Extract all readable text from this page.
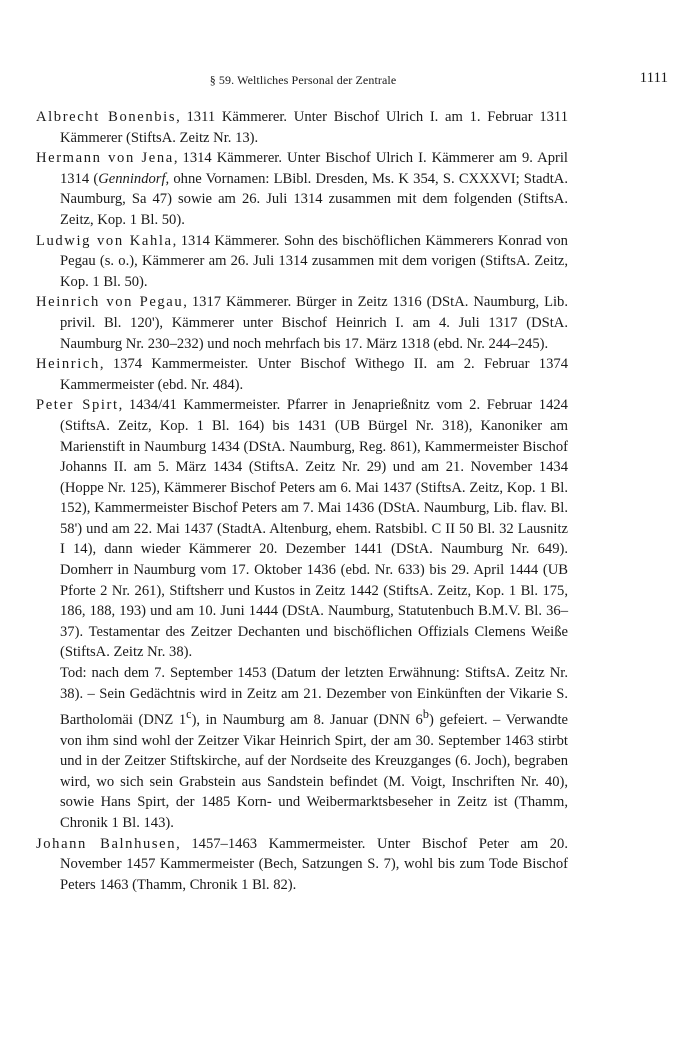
§ 59. Weltliches Personal der Zentrale	1111

Albrecht Bonenbis, 1311 Kämmerer. Unter Bischof Ulrich I. am 1. Februar 1311 Kämmerer (StiftsA. Zeitz Nr. 13).

Hermann von Jena, 1314 Kämmerer. Unter Bischof Ulrich I. Kämmerer am 9. April 1314 (Gennindorf, ohne Vornamen: LBibl. Dresden, Ms. K 354, S. CXXXVI; StadtA. Naumburg, Sa 47) sowie am 26. Juli 1314 zusammen mit dem folgenden (StiftsA. Zeitz, Kop. 1 Bl. 50).

Ludwig von Kahla, 1314 Kämmerer. Sohn des bischöflichen Kämmerers Konrad von Pegau (s. o.), Kämmerer am 26. Juli 1314 zusammen mit dem vorigen (StiftsA. Zeitz, Kop. 1 Bl. 50).

Heinrich von Pegau, 1317 Kämmerer. Bürger in Zeitz 1316 (DStA. Naumburg, Lib. privil. Bl. 120'), Kämmerer unter Bischof Heinrich I. am 4. Juli 1317 (DStA. Naumburg Nr. 230–232) und noch mehrfach bis 17. März 1318 (ebd. Nr. 244–245).

Heinrich, 1374 Kammermeister. Unter Bischof Withego II. am 2. Februar 1374 Kammermeister (ebd. Nr. 484).

Peter Spirt, 1434/41 Kammermeister. Pfarrer in Jenaprießnitz vom 2. Februar 1424 (StiftsA. Zeitz, Kop. 1 Bl. 164) bis 1431 (UB Bürgel Nr. 318), Kanoniker am Marienstift in Naumburg 1434 (DStA. Naumburg, Reg. 861), Kammermeister Bischof Johanns II. am 5. März 1434 (StiftsA. Zeitz Nr. 29) und am 21. November 1434 (Hoppe Nr. 125), Kämmerer Bischof Peters am 6. Mai 1437 (StiftsA. Zeitz, Kop. 1 Bl. 152), Kammermeister Bischof Peters am 7. Mai 1436 (DStA. Naumburg, Lib. flav. Bl. 58') und am 22. Mai 1437 (StadtA. Altenburg, ehem. Ratsbibl. C II 50 Bl. 32 Lausnitz I 14), dann wieder Kämmerer 20. Dezember 1441 (DStA. Naumburg Nr. 649). Domherr in Naumburg vom 17. Oktober 1436 (ebd. Nr. 633) bis 29. April 1444 (UB Pforte 2 Nr. 261), Stiftsherr und Kustos in Zeitz 1442 (StiftsA. Zeitz, Kop. 1 Bl. 175, 186, 188, 193) und am 10. Juni 1444 (DStA. Naumburg, Statutenbuch B.M.V. Bl. 36–37). Testamentar des Zeitzer Dechanten und bischöflichen Offizials Clemens Weiße (StiftsA. Zeitz Nr. 38).

Tod: nach dem 7. September 1453 (Datum der letzten Erwähnung: StiftsA. Zeitz Nr. 38). – Sein Gedächtnis wird in Zeitz am 21. Dezember von Einkünften der Vikarie S. Bartholomäi (DNZ 1$^c$), in Naumburg am 8. Januar (DNN 6$^b$) gefeiert. – Verwandte von ihm sind wohl der Zeitzer Vikar Heinrich Spirt, der am 30. September 1463 stirbt und in der Zeitzer Stiftskirche, auf der Nordseite des Kreuzganges (6. Joch), begraben wird, wo sich sein Grabstein aus Sandstein befindet (M. Voigt, Inschriften Nr. 40), sowie Hans Spirt, der 1485 Korn- und Weibermarktsbeseher in Zeitz ist (Thamm, Chronik 1 Bl. 143).

Johann Balnhusen, 1457–1463 Kammermeister. Unter Bischof Peter am 20. November 1457 Kammermeister (Bech, Satzungen S. 7), wohl bis zum Tode Bischof Peters 1463 (Thamm, Chronik 1 Bl. 82).
